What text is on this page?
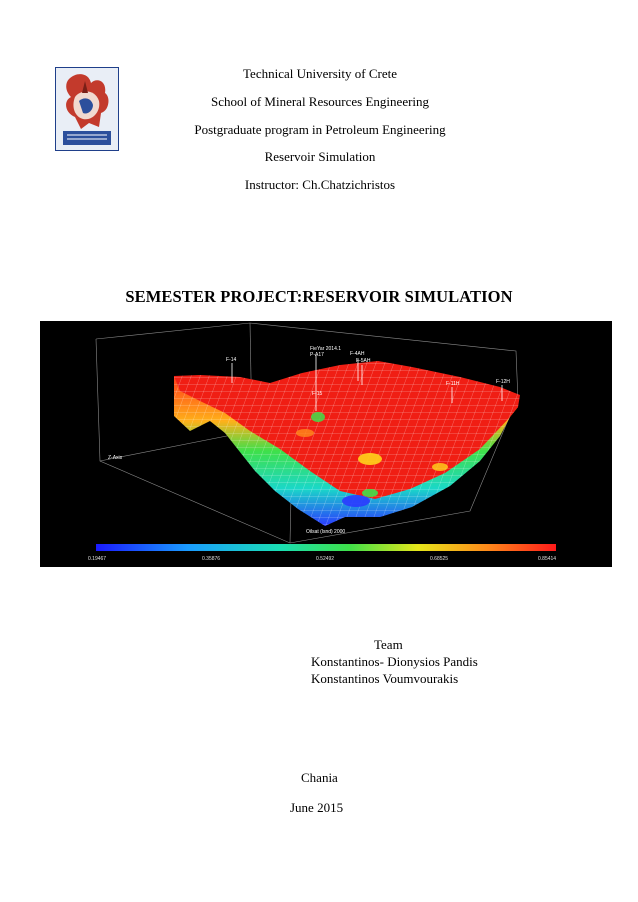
Technical University of Crete
School of Mineral Resources Engineering
Postgraduate program in Petroleum Engineering
Reservoir Simulation
Instructor: Ch.Chatzichristos
SEMESTER PROJECT:RESERVOIR SIMULATION
FieYar 2014.1
P-A17	F-4AH
F-5AH
F-14
F-11H	F-12H
F-15
Z-Axis
Oilsat (lsnd) 2000
0.19467	0.35876	0.52492	0.68525	0.85414
Team
Konstantinos- Dionysios Pandis
Konstantinos Voumvourakis
Chania
June 2015
